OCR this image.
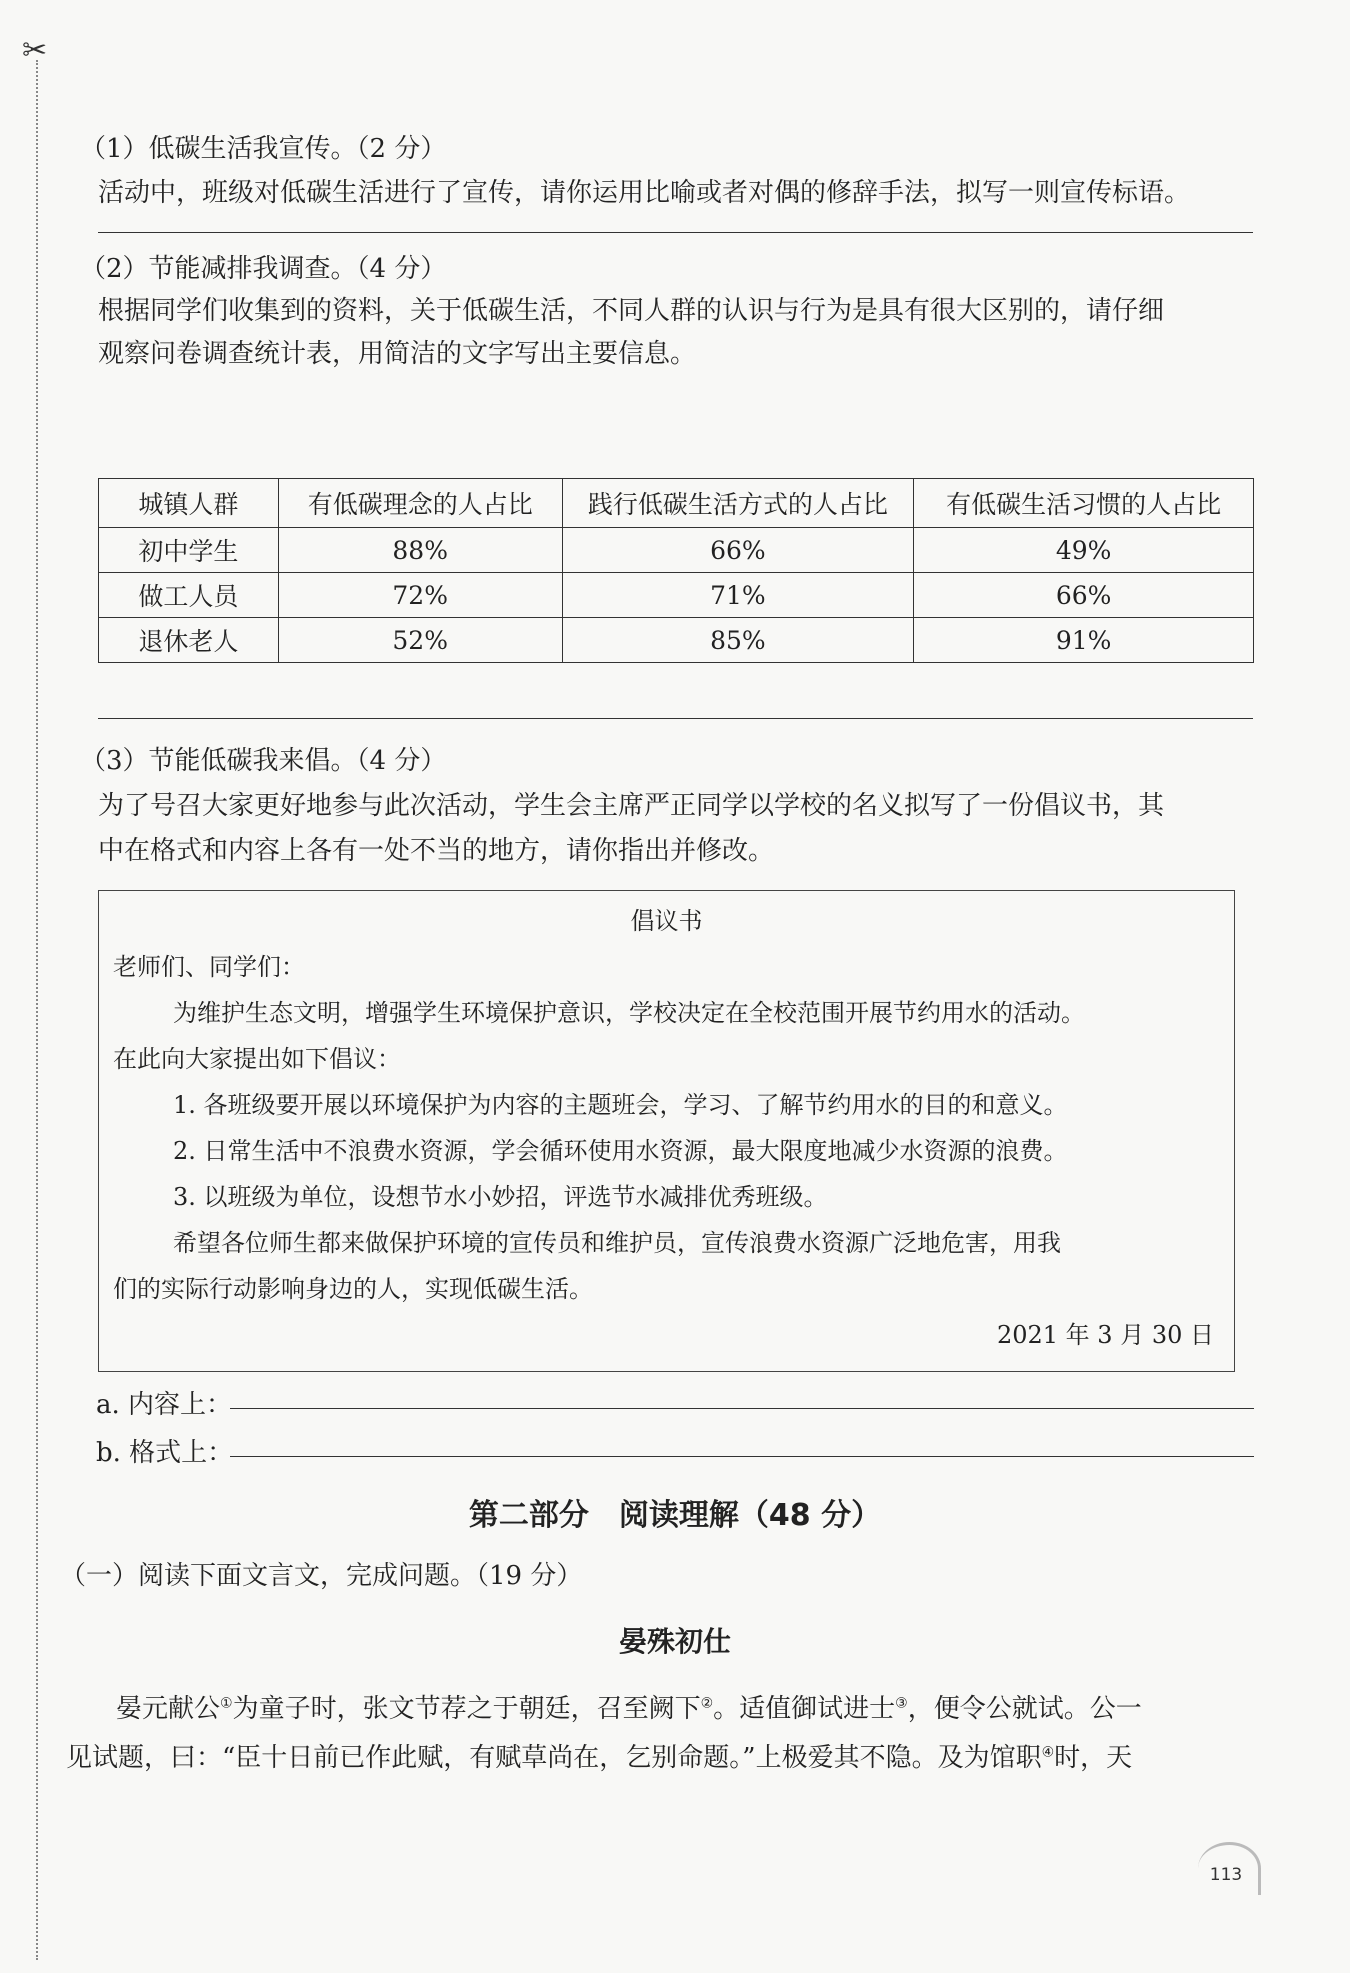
✂
（1）低碳生活我宣传。（2 分）
活动中，班级对低碳生活进行了宣传，请你运用比喻或者对偶的修辞手法，拟写一则宣传标语。
（2）节能减排我调查。（4 分）
根据同学们收集到的资料，关于低碳生活，不同人群的认识与行为是具有很大区别的，请仔细
观察问卷调查统计表，用简洁的文字写出主要信息。
城镇人群	有低碳理念的人占比	践行低碳生活方式的人占比	有低碳生活习惯的人占比
初中学生	88%	66%	49%
做工人员	72%	71%	66%
退休老人	52%	85%	91%
（3）节能低碳我来倡。（4 分）
为了号召大家更好地参与此次活动，学生会主席严正同学以学校的名义拟写了一份倡议书，其
中在格式和内容上各有一处不当的地方，请你指出并修改。
倡议书
老师们、同学们：
为维护生态文明，增强学生环境保护意识，学校决定在全校范围开展节约用水的活动。
在此向大家提出如下倡议：
1. 各班级要开展以环境保护为内容的主题班会，学习、了解节约用水的目的和意义。
2. 日常生活中不浪费水资源，学会循环使用水资源，最大限度地减少水资源的浪费。
3. 以班级为单位，设想节水小妙招，评选节水减排优秀班级。
希望各位师生都来做保护环境的宣传员和维护员，宣传浪费水资源广泛地危害，用我
们的实际行动影响身边的人，实现低碳生活。
2021 年 3 月 30 日
a. 内容上：
b. 格式上：
第二部分　阅读理解（48 分）
（一）阅读下面文言文，完成问题。（19 分）
晏殊初仕
晏元献公①为童子时，张文节荐之于朝廷，召至阙下②。适值御试进士③，便令公就试。公一
见试题，曰：“臣十日前已作此赋，有赋草尚在，乞别命题。”上极爱其不隐。及为馆职④时，天
113
